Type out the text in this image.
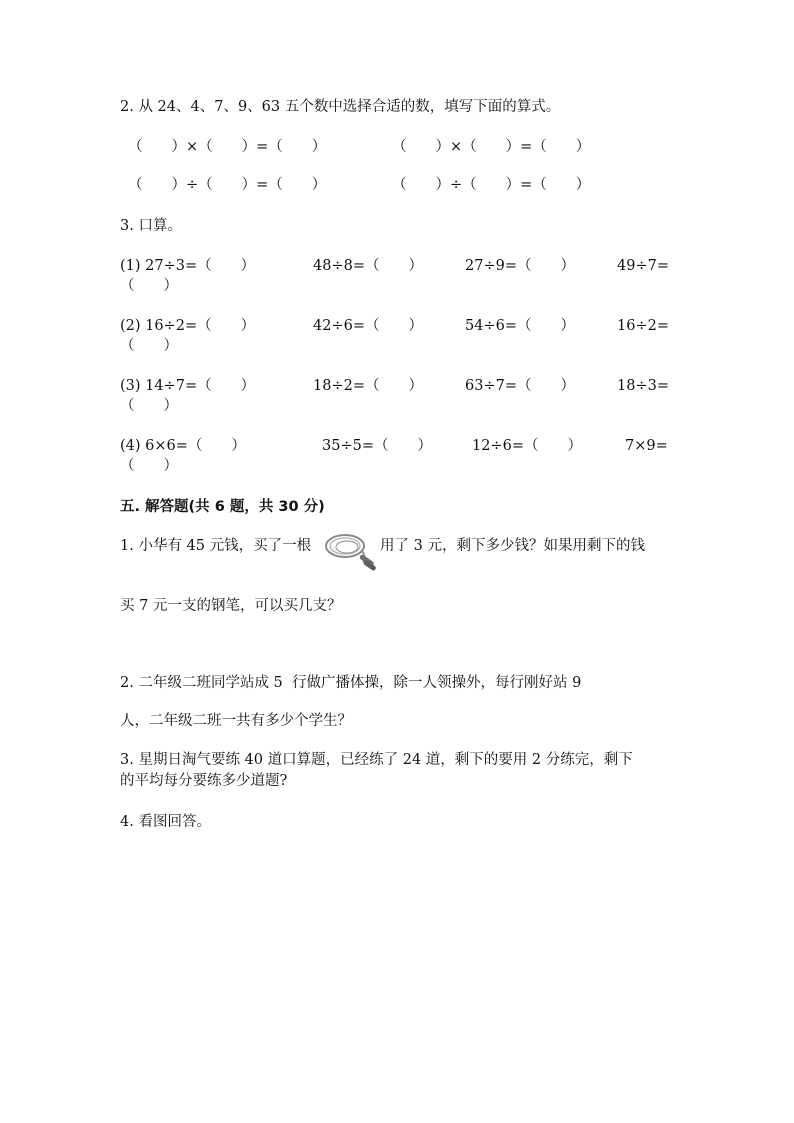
2. 从 24、4、7、9、63 五个数中选择合适的数，填写下面的算式。
（　　）×（　　）=（　　）	（　　）×（　　）=（　　）
（　　）÷（　　）=（　　）	（　　）÷（　　）=（　　）
3. 口算。
(1) 27÷3=（　　）	48÷8=（　　）	27÷9=（　　）	49÷7=
（　　）
(2) 16÷2=（　　）	42÷6=（　　）	54÷6=（　　）	16÷2=
（　　）
(3) 14÷7=（　　）	18÷2=（　　）	63÷7=（　　）	18÷3=
（　　）
(4) 6×6=（　　）	35÷5=（　　）	12÷6=（　　）	7×9=
（　　）
五. 解答题(共 6 题，共 30 分)
1. 小华有 45 元钱，买了一根	用了 3 元，剩下多少钱？如果用剩下的钱
买 7 元一支的钢笔，可以买几支？
2. 二年级二班同学站成 5  行做广播体操，除一人领操外，每行刚好站 9
人，二年级二班一共有多少个学生？
3. 星期日淘气要练 40 道口算题，已经练了 24 道，剩下的要用 2 分练完，剩下
的平均每分要练多少道题?
4. 看图回答。
